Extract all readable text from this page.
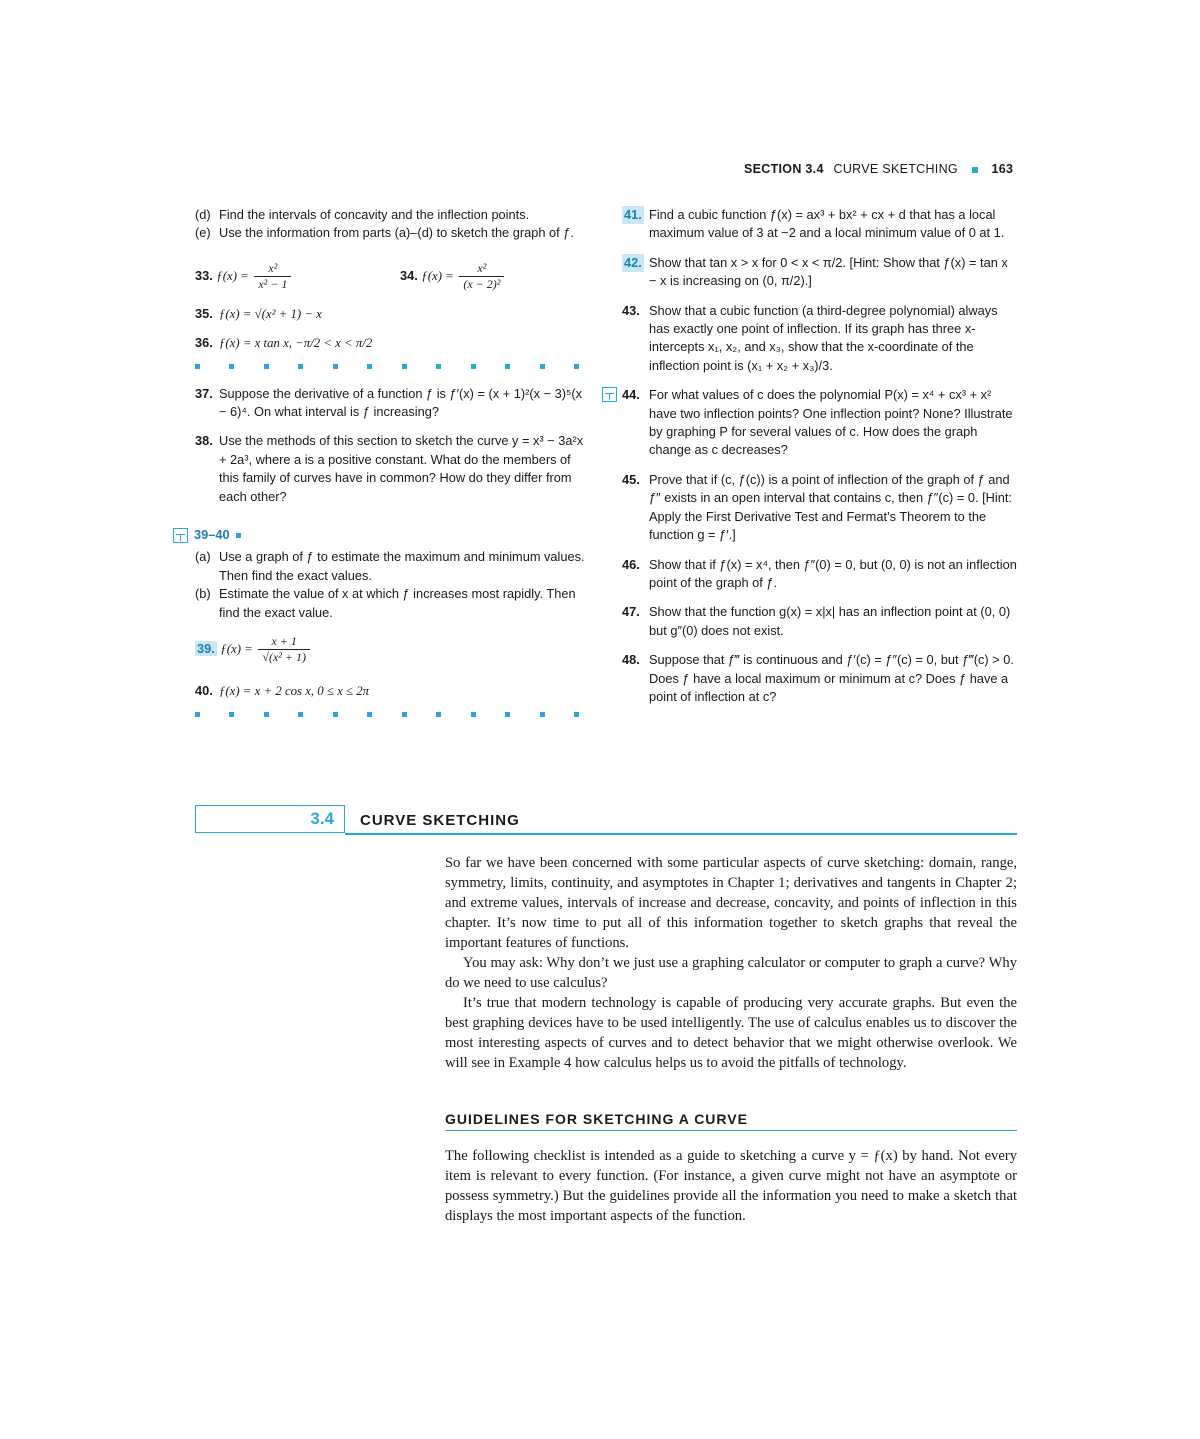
SECTION 3.4 CURVE SKETCHING	163
(d) Find the intervals of concavity and the inflection points.
(e) Use the information from parts (a)–(d) to sketch the graph of ƒ.
33. ƒ(x) = $\frac{\text{x²}}{\text{x² − 1}}$	34. ƒ(x) = $\frac{\text{x²}}{\text{(x − 2)²}}$
35. ƒ(x) = √(x² + 1) − x
36. ƒ(x) = x tan x, −π/2 < x < π/2
37. Suppose the derivative of a function ƒ is ƒ′(x) = (x + 1)²(x − 3)⁵(x − 6)⁴. On what interval is ƒ increasing?
38. Use the methods of this section to sketch the curve y = x³ − 3a²x + 2a³, where a is a positive constant. What do the members of this family of curves have in common? How do they differ from each other?
39–40
(a) Use a graph of ƒ to estimate the maximum and minimum values. Then find the exact values.
(b) Estimate the value of x at which ƒ increases most rapidly. Then find the exact value.
39. ƒ(x) = $\frac{x + 1}{\text{√(x² + 1)}}$
40. ƒ(x) = x + 2 cos x, 0 ≤ x ≤ 2π
41. Find a cubic function ƒ(x) = ax³ + bx² + cx + d that has a local maximum value of 3 at −2 and a local minimum value of 0 at 1.
42. Show that tan x > x for 0 < x < π/2. [Hint: Show that ƒ(x) = tan x − x is increasing on (0, π/2).]
43. Show that a cubic function (a third-degree polynomial) always has exactly one point of inflection. If its graph has three x-intercepts x₁, x₂, and x₃, show that the x-coordinate of the inflection point is (x₁ + x₂ + x₃)/3.
44. For what values of c does the polynomial P(x) = x⁴ + cx³ + x² have two inflection points? One inflection point? None? Illustrate by graphing P for several values of c. How does the graph change as c decreases?
45. Prove that if (c, ƒ(c)) is a point of inflection of the graph of ƒ and ƒ″ exists in an open interval that contains c, then ƒ″(c) = 0. [Hint: Apply the First Derivative Test and Fermat’s Theorem to the function g = ƒ′.]
46. Show that if ƒ(x) = x⁴, then ƒ″(0) = 0, but (0, 0) is not an inflection point of the graph of ƒ.
47. Show that the function g(x) = x|x| has an inflection point at (0, 0) but g″(0) does not exist.
48. Suppose that ƒ‴ is continuous and ƒ′(c) = ƒ″(c) = 0, but ƒ‴(c) > 0. Does ƒ have a local maximum or minimum at c? Does ƒ have a point of inflection at c?
3.4 CURVE SKETCHING

So far we have been concerned with some particular aspects of curve sketching: domain, range, symmetry, limits, continuity, and asymptotes in Chapter 1; derivatives and tangents in Chapter 2; and extreme values, intervals of increase and decrease, concavity, and points of inflection in this chapter. It’s now time to put all of this information together to sketch graphs that reveal the important features of functions.

You may ask: Why don’t we just use a graphing calculator or computer to graph a curve? Why do we need to use calculus?

It’s true that modern technology is capable of producing very accurate graphs. But even the best graphing devices have to be used intelligently. The use of calculus enables us to discover the most interesting aspects of curves and to detect behavior that we might otherwise overlook. We will see in Example 4 how calculus helps us to avoid the pitfalls of technology.

GUIDELINES FOR SKETCHING A CURVE

The following checklist is intended as a guide to sketching a curve y = ƒ(x) by hand. Not every item is relevant to every function. (For instance, a given curve might not have an asymptote or possess symmetry.) But the guidelines provide all the information you need to make a sketch that displays the most important aspects of the function.
